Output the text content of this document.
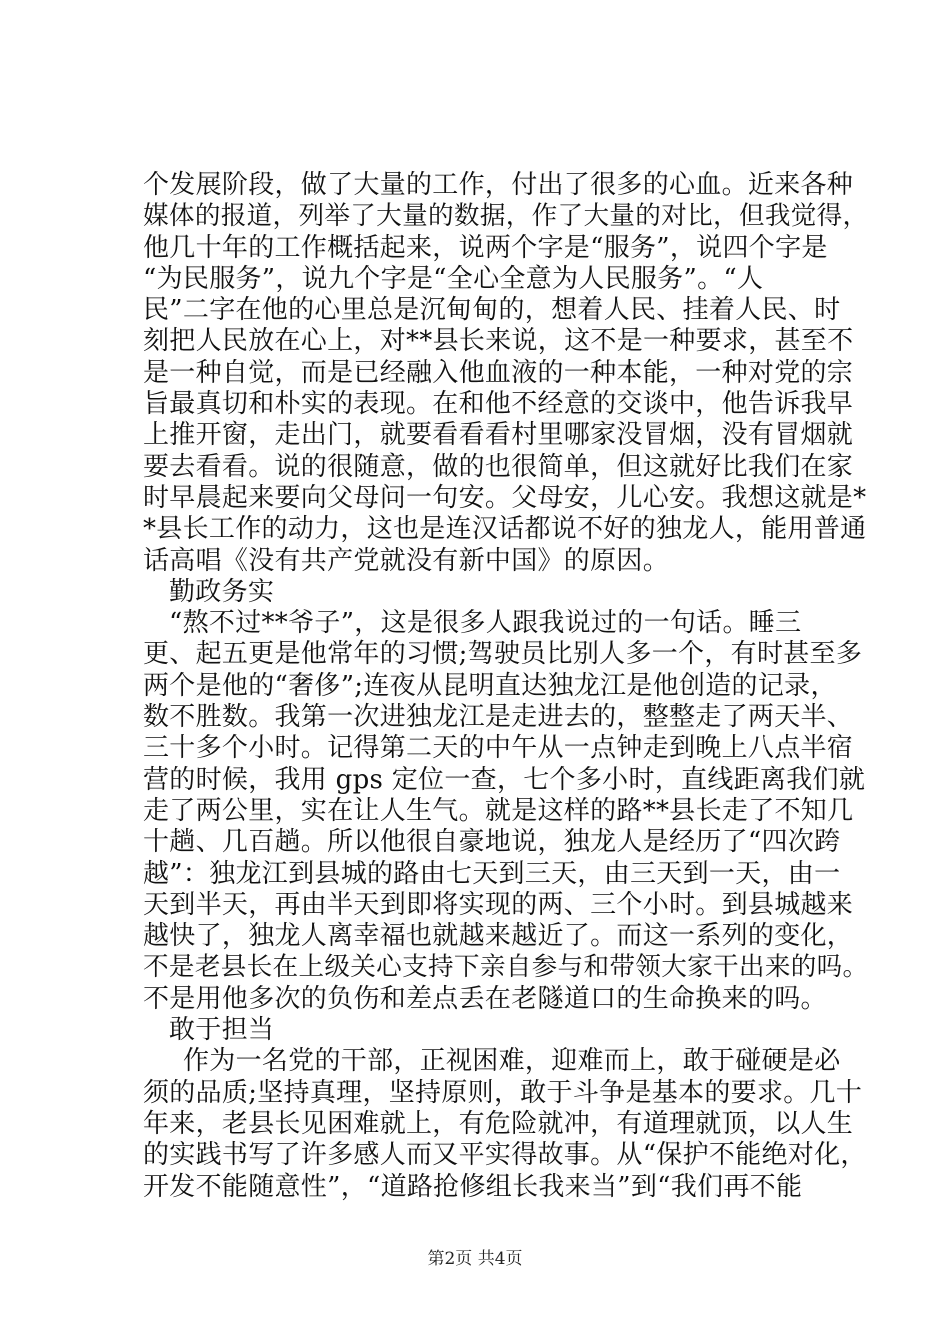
个发展阶段，做了大量的工作，付出了很多的心血。近来各种
媒体的报道，列举了大量的数据，作了大量的对比，但我觉得，
他几十年的工作概括起来，说两个字是“服务”，说四个字是
“为民服务”，说九个字是“全心全意为人民服务”。“人
民”二字在他的心里总是沉甸甸的，想着人民、挂着人民、时
刻把人民放在心上，对**县长来说，这不是一种要求，甚至不
是一种自觉，而是已经融入他血液的一种本能，一种对党的宗
旨最真切和朴实的表现。在和他不经意的交谈中，他告诉我早
上推开窗，走出门，就要看看看村里哪家没冒烟，没有冒烟就
要去看看。说的很随意，做的也很简单，但这就好比我们在家
时早晨起来要向父母问一句安。父母安，儿心安。我想这就是*
*县长工作的动力，这也是连汉话都说不好的独龙人，能用普通
话高唱《没有共产党就没有新中国》的原因。
勤政务实
“熬不过**爷子”，这是很多人跟我说过的一句话。睡三
更、起五更是他常年的习惯;驾驶员比别人多一个，有时甚至多
两个是他的“奢侈”;连夜从昆明直达独龙江是他创造的记录，
数不胜数。我第一次进独龙江是走进去的，整整走了两天半、
三十多个小时。记得第二天的中午从一点钟走到晚上八点半宿
营的时候，我用 gps 定位一查，七个多小时，直线距离我们就
走了两公里，实在让人生气。就是这样的路**县长走了不知几
十趟、几百趟。所以他很自豪地说，独龙人是经历了“四次跨
越”：独龙江到县城的路由七天到三天，由三天到一天，由一
天到半天，再由半天到即将实现的两、三个小时。到县城越来
越快了，独龙人离幸福也就越来越近了。而这一系列的变化，
不是老县长在上级关心支持下亲自参与和带领大家干出来的吗。
不是用他多次的负伤和差点丢在老隧道口的生命换来的吗。
敢于担当
作为一名党的干部，正视困难，迎难而上，敢于碰硬是必
须的品质;坚持真理，坚持原则，敢于斗争是基本的要求。几十
年来，老县长见困难就上，有危险就冲，有道理就顶，以人生
的实践书写了许多感人而又平实得故事。从“保护不能绝对化，
开发不能随意性”，“道路抢修组长我来当”到“我们再不能
第2页 共4页
